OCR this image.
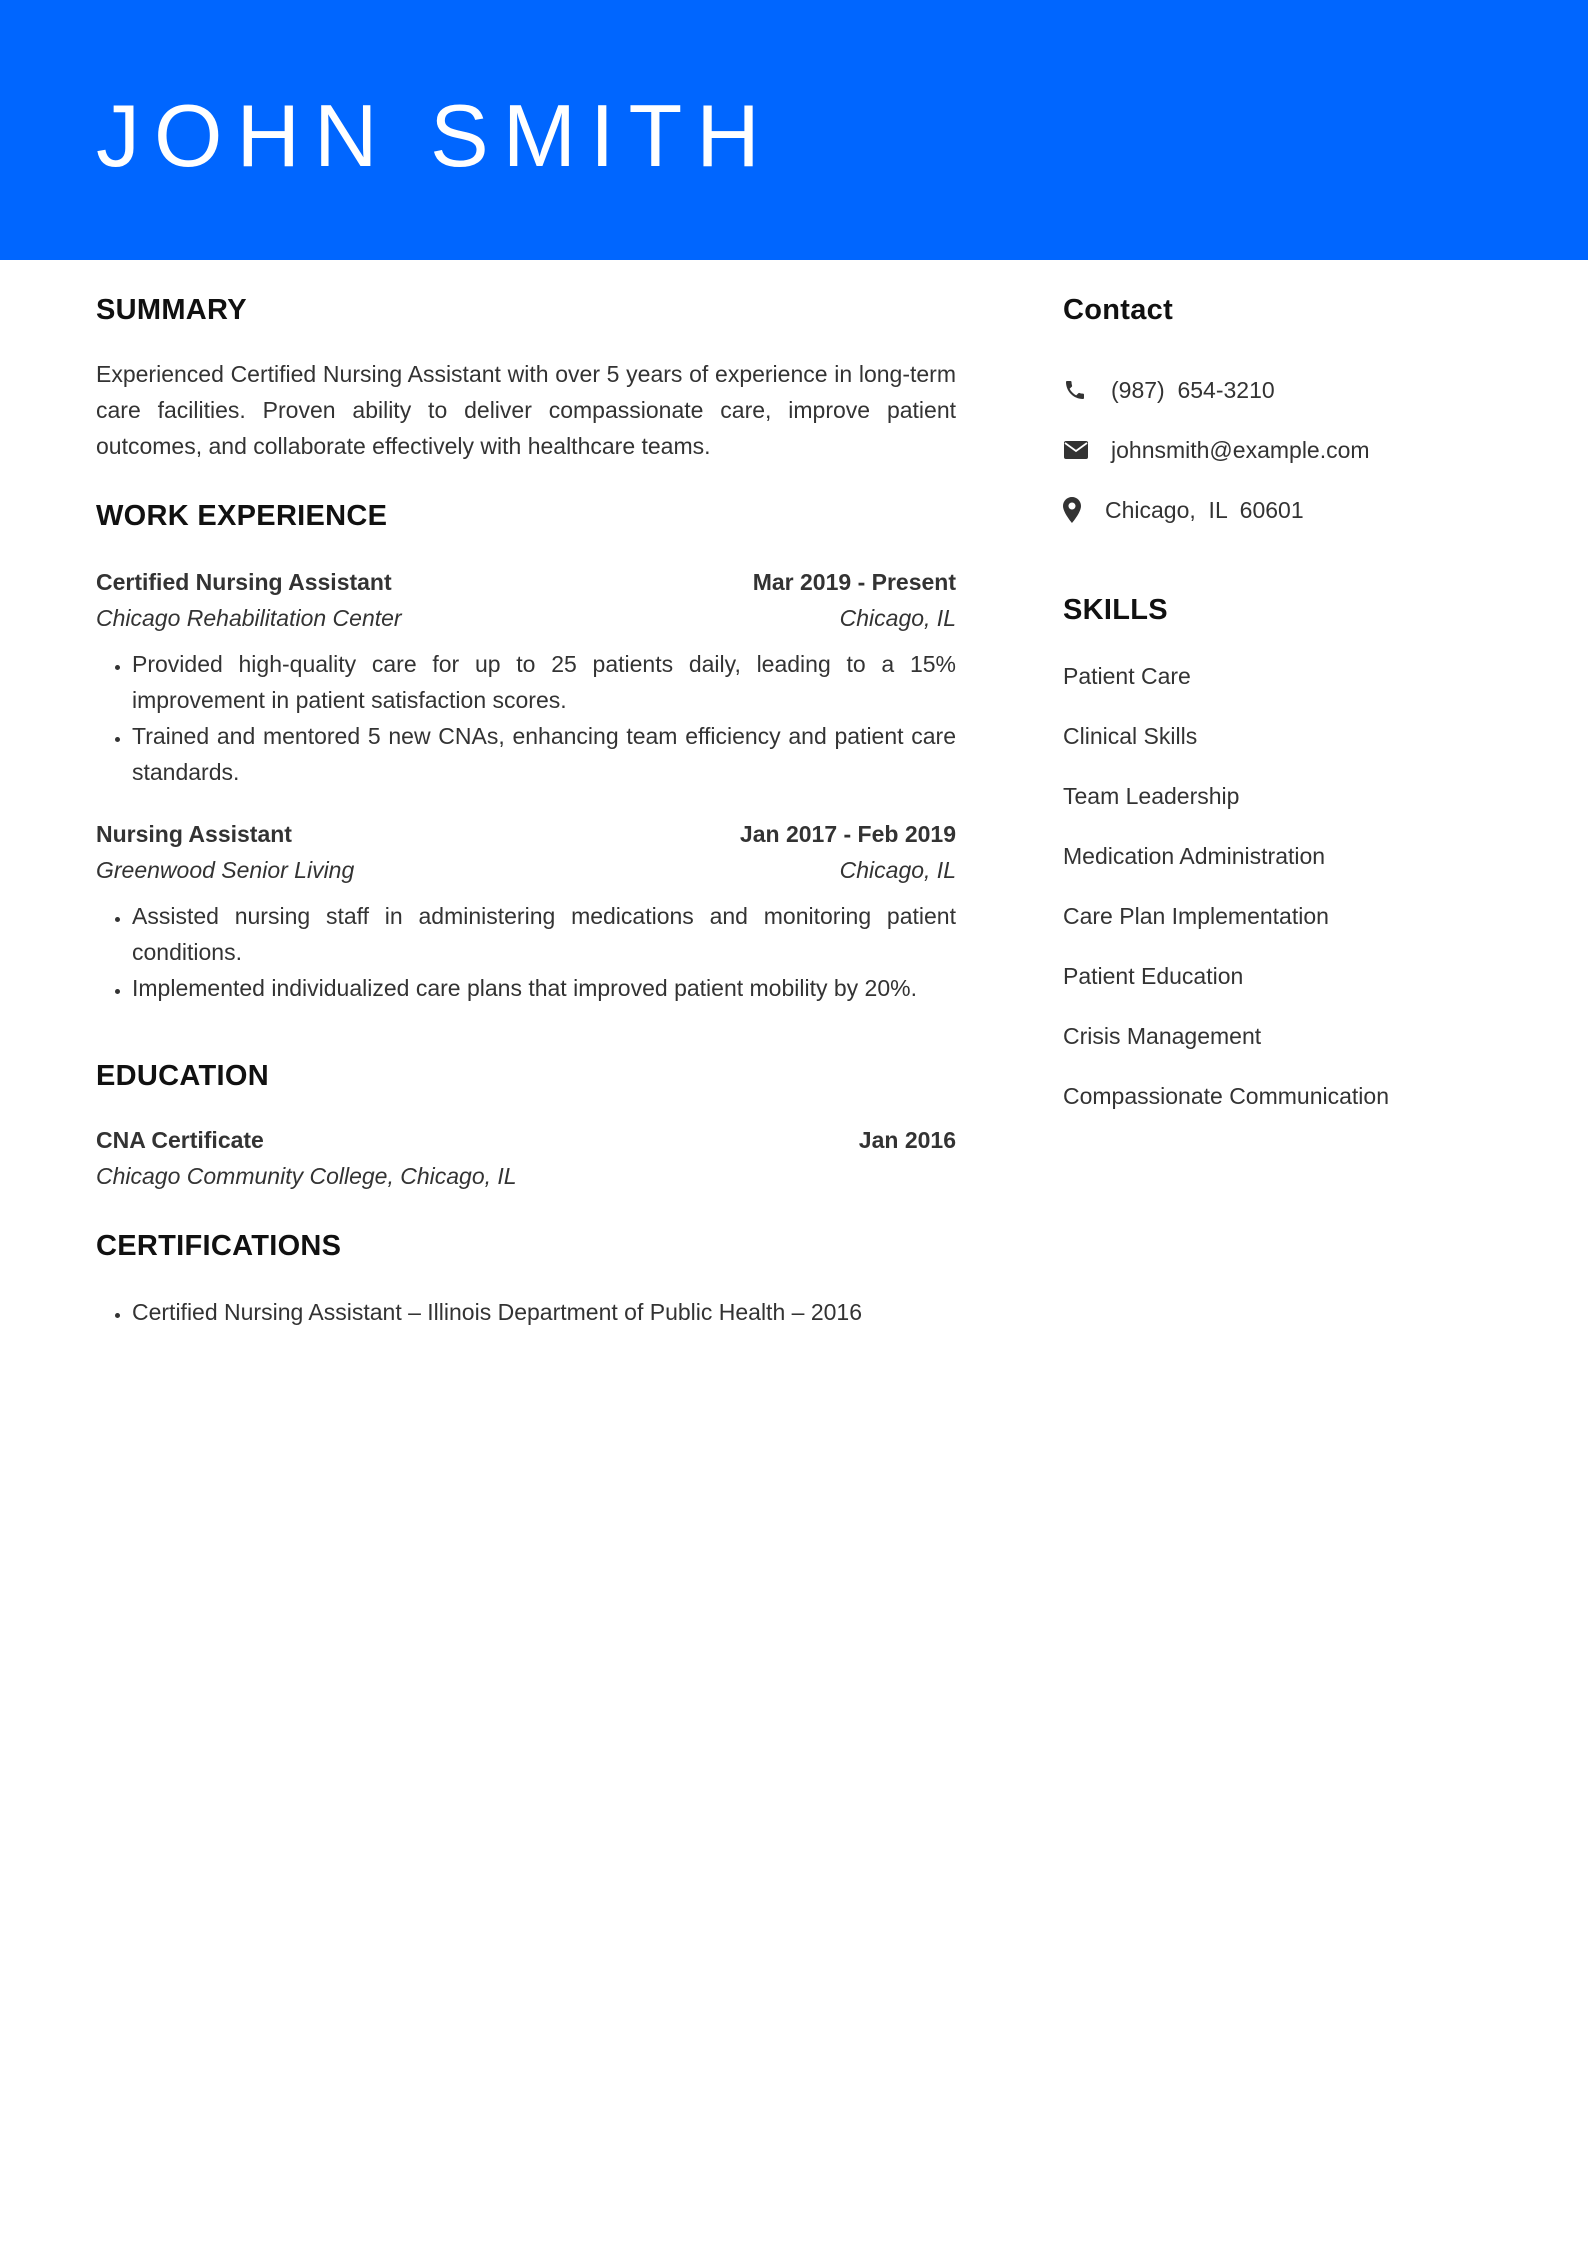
JOHN SMITH
SUMMARY

Experienced Certified Nursing Assistant with over 5 years of experience in long-term care facilities. Proven ability to deliver compassionate care, improve patient outcomes, and collaborate effectively with healthcare teams.

WORK EXPERIENCE
Certified Nursing Assistant	Mar 2019 - Present
Chicago Rehabilitation Center	Chicago, IL
• Provided high-quality care for up to 25 patients daily, leading to a 15% improvement in patient satisfaction scores.
• Trained and mentored 5 new CNAs, enhancing team efficiency and patient care standards.
Nursing Assistant	Jan 2017 - Feb 2019
Greenwood Senior Living	Chicago, IL
• Assisted nursing staff in administering medications and monitoring patient conditions.
• Implemented individualized care plans that improved patient mobility by 20%.
EDUCATION
CNA Certificate	Jan 2016
Chicago Community College, Chicago, IL
CERTIFICATIONS
• Certified Nursing Assistant – Illinois Department of Public Health – 2016
Contact
(987)  654-3210
johnsmith@example.com
Chicago,  IL  60601
SKILLS
Patient Care
Clinical Skills
Team Leadership
Medication Administration
Care Plan Implementation
Patient Education
Crisis Management
Compassionate Communication
